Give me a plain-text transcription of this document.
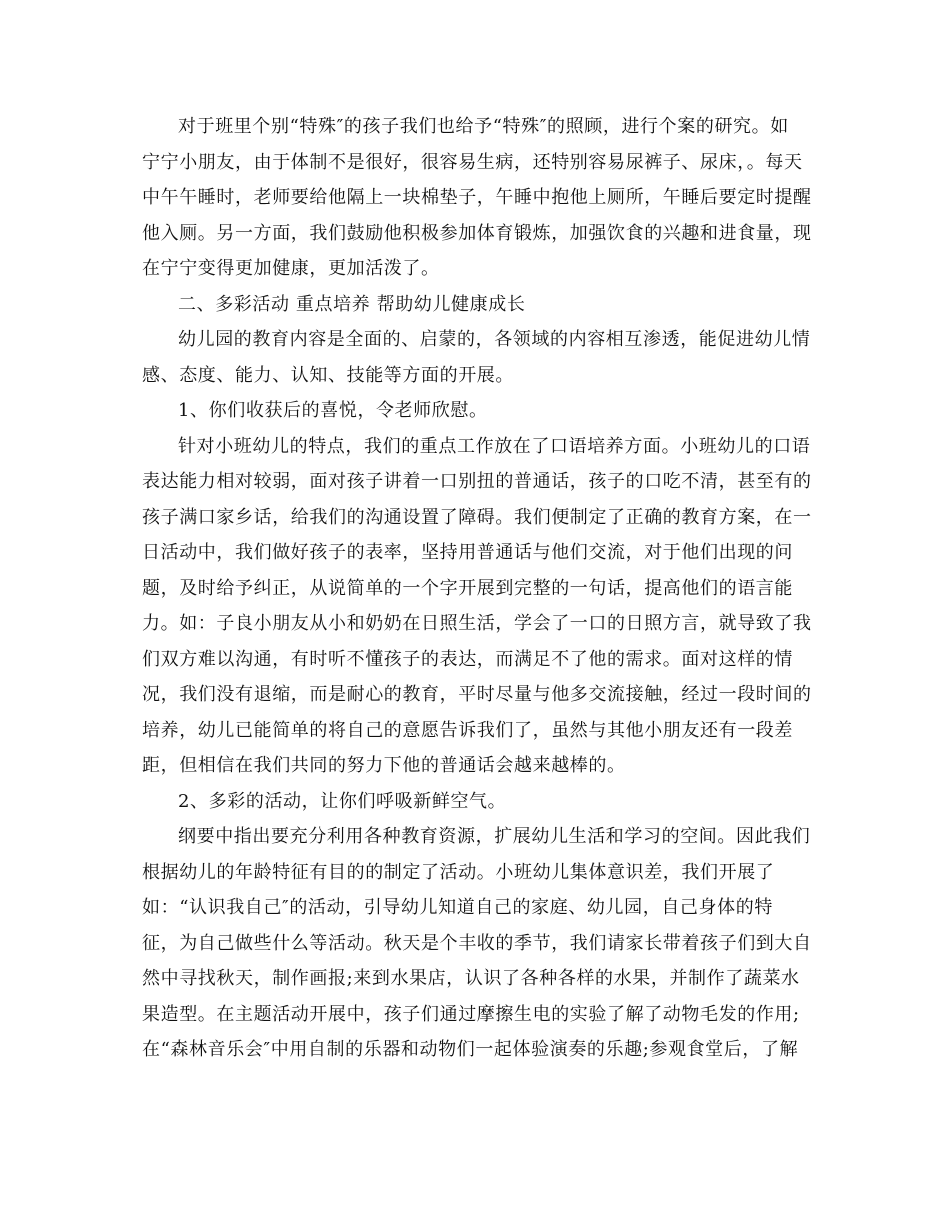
对于班里个别“特殊″的孩子我们也给予“特殊″的照顾，进行个案的研究。如
宁宁小朋友，由于体制不是很好，很容易生病，还特别容易尿裤子、尿床，。每天
中午午睡时，老师要给他隔上一块棉垫子，午睡中抱他上厕所，午睡后要定时提醒
他入厕。另一方面，我们鼓励他积极参加体育锻炼，加强饮食的兴趣和进食量，现
在宁宁变得更加健康，更加活泼了。
二、多彩活动 重点培养 帮助幼儿健康成长
幼儿园的教育内容是全面的、启蒙的，各领域的内容相互渗透，能促进幼儿情
感、态度、能力、认知、技能等方面的开展。
1、你们收获后的喜悦，令老师欣慰。
针对小班幼儿的特点，我们的重点工作放在了口语培养方面。小班幼儿的口语
表达能力相对较弱，面对孩子讲着一口别扭的普通话，孩子的口吃不清，甚至有的
孩子满口家乡话，给我们的沟通设置了障碍。我们便制定了正确的教育方案，在一
日活动中，我们做好孩子的表率，坚持用普通话与他们交流，对于他们出现的问
题，及时给予纠正，从说简单的一个字开展到完整的一句话，提高他们的语言能
力。如：子良小朋友从小和奶奶在日照生活，学会了一口的日照方言，就导致了我
们双方难以沟通，有时听不懂孩子的表达，而满足不了他的需求。面对这样的情
况，我们没有退缩，而是耐心的教育，平时尽量与他多交流接触，经过一段时间的
培养，幼儿已能简单的将自己的意愿告诉我们了，虽然与其他小朋友还有一段差
距，但相信在我们共同的努力下他的普通话会越来越棒的。
2、多彩的活动，让你们呼吸新鲜空气。
纲要中指出要充分利用各种教育资源，扩展幼儿生活和学习的空间。因此我们
根据幼儿的年龄特征有目的的制定了活动。小班幼儿集体意识差，我们开展了
如：“认识我自己″的活动，引导幼儿知道自己的家庭、幼儿园，自己身体的特
征，为自己做些什么等活动。秋天是个丰收的季节，我们请家长带着孩子们到大自
然中寻找秋天，制作画报;来到水果店，认识了各种各样的水果，并制作了蔬菜水
果造型。在主题活动开展中，孩子们通过摩擦生电的实验了解了动物毛发的作用;
在“森林音乐会″中用自制的乐器和动物们一起体验演奏的乐趣;参观食堂后，了解
